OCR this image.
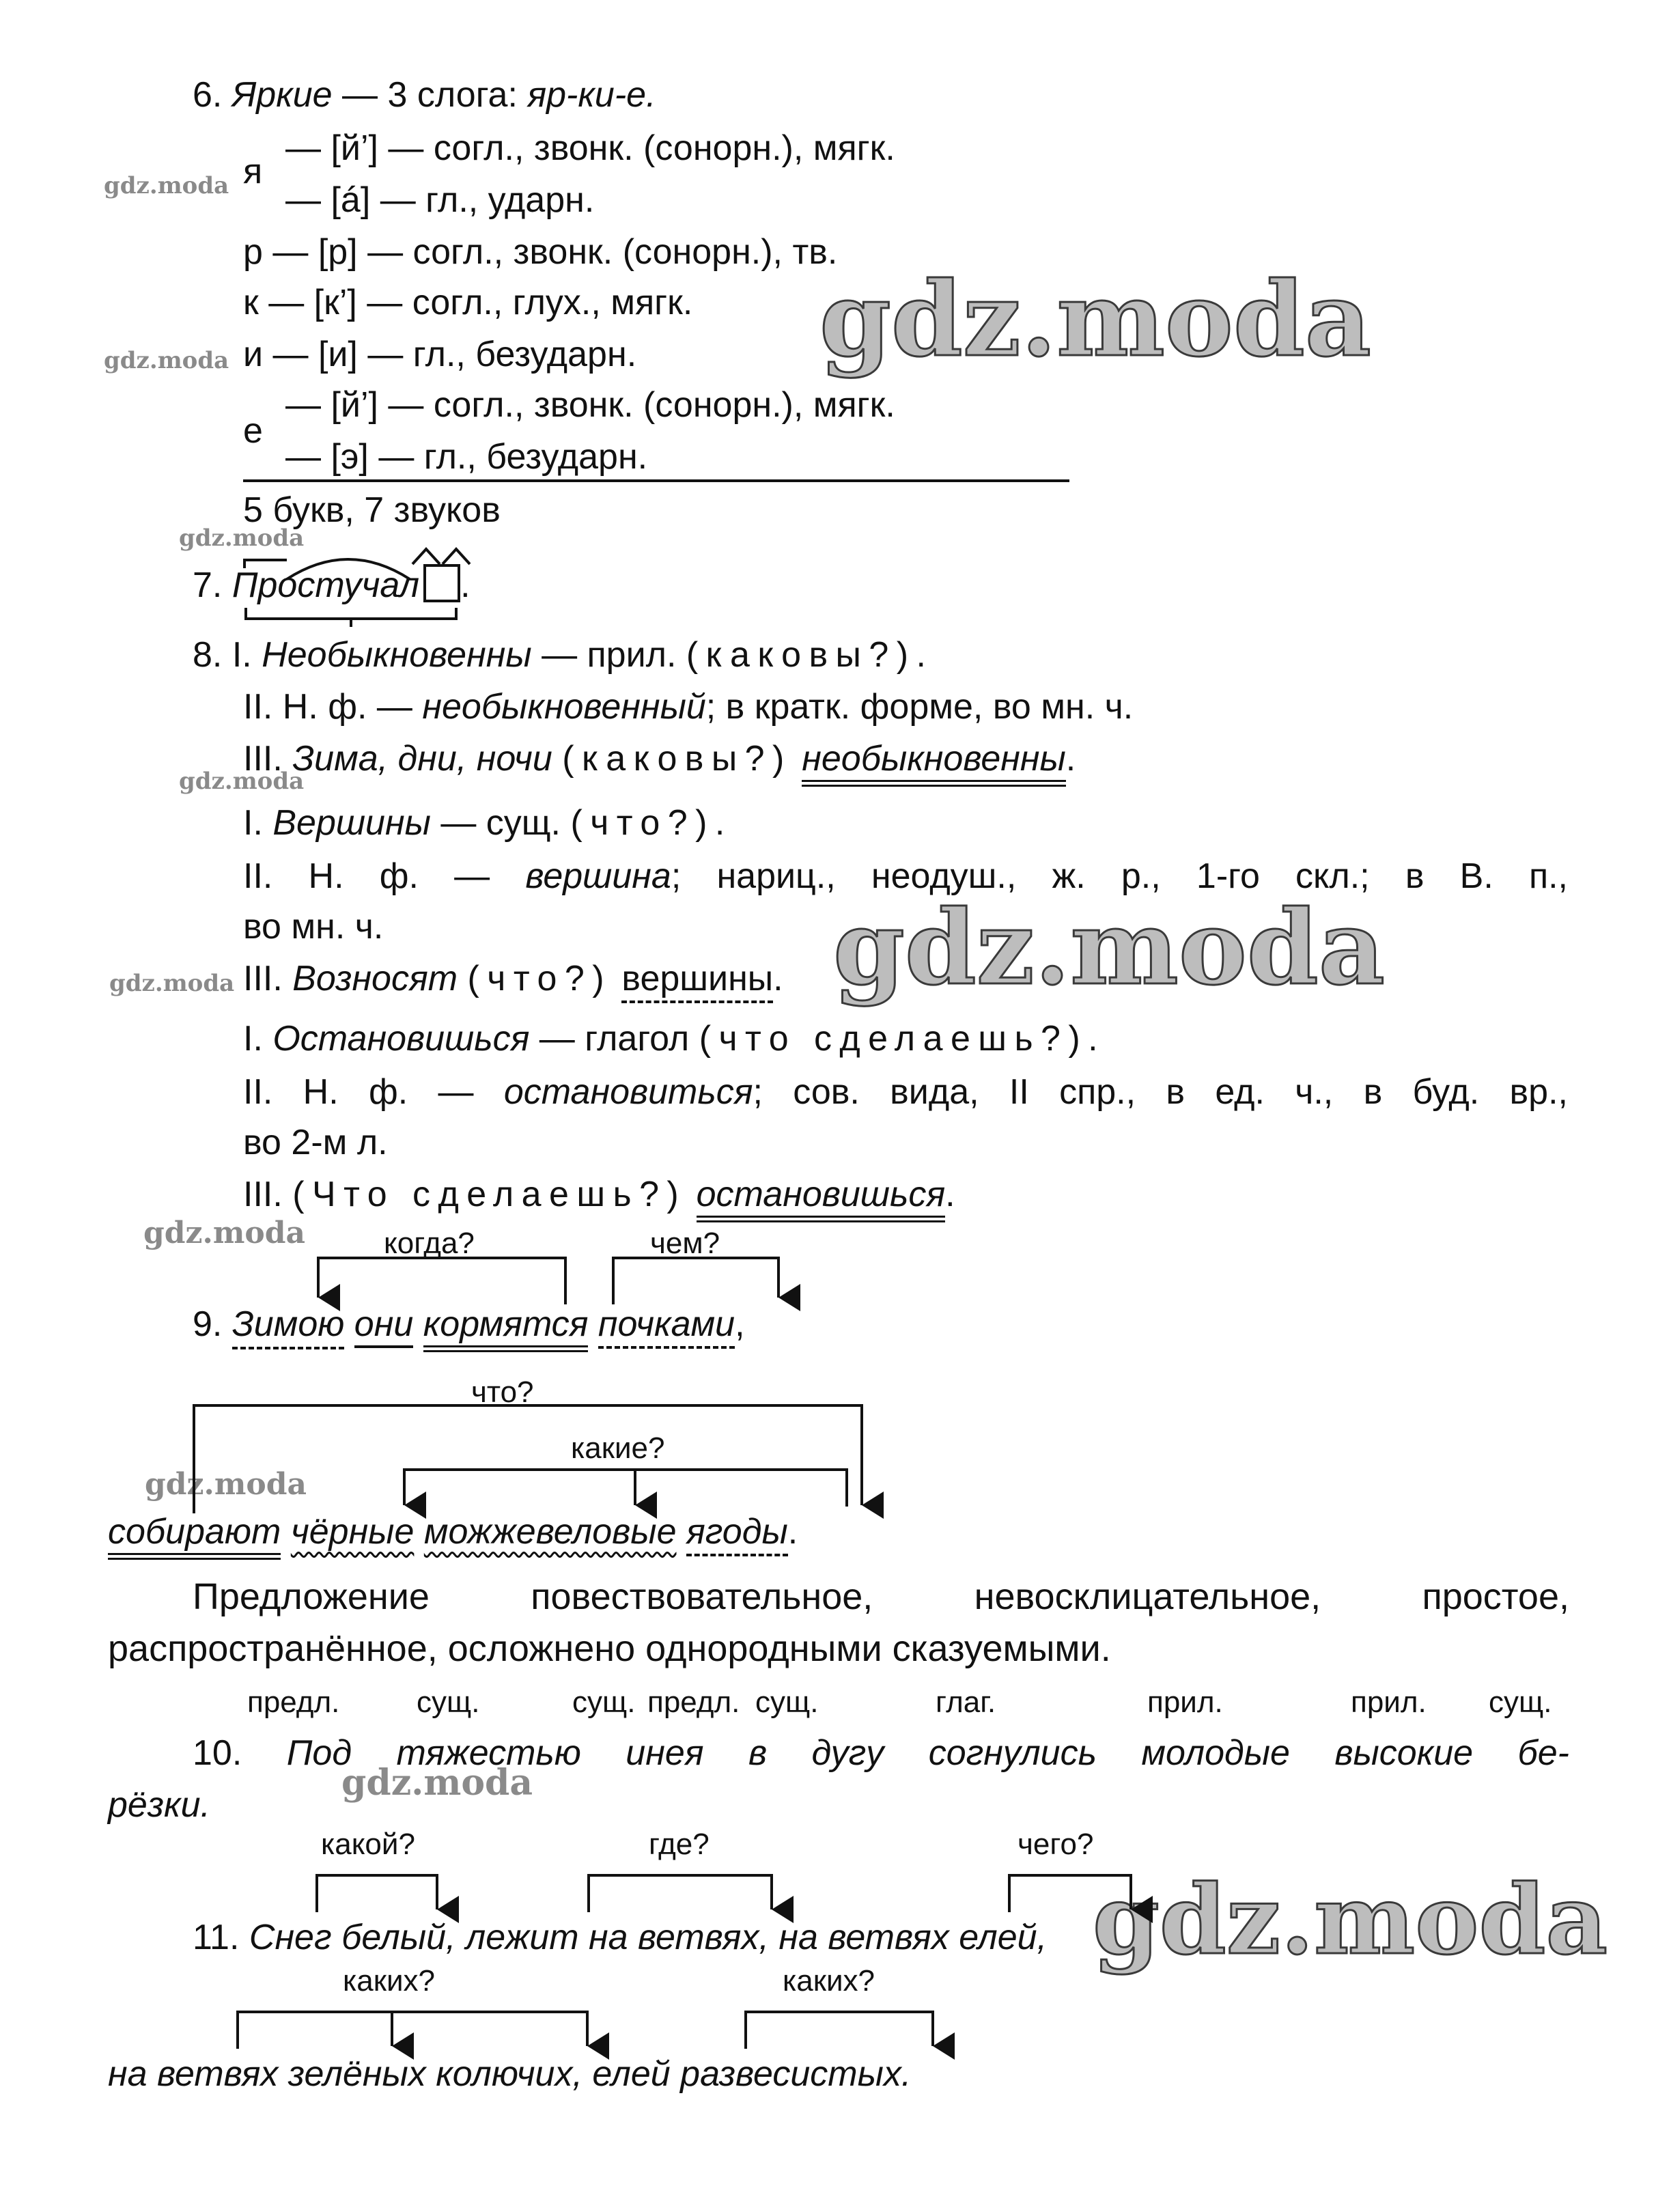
gdz.moda
gdz.moda
gdz.moda
gdz.moda
gdz.moda
gdz.moda
gdz.moda
gdz.moda
gdz.moda
gdz.moda
gdz.moda
6. Яркие — 3 слога: яр-ки-е.
я
— [й’] — согл., звонк. (сонорн.), мягк.
— [á] — гл., ударн.
р — [р] — согл., звонк. (сонорн.), тв.
к — [к’] — согл., глух., мягк.
и — [и] — гл., безударн.
е
— [й’] — согл., звонк. (сонорн.), мягк.
— [э] — гл., безударн.
5 букв, 7 звуков
7. Простучал .
8. I. Необыкновенны — прил. (каковы?).
II. Н. ф. — необыкновенный; в кратк. форме, во мн. ч.
III. Зима, дни, ночи (каковы?) необыкновенны.
I. Вершины — сущ. (что?).
II. Н. ф. — вершина; нариц., неодуш., ж. р., 1-го скл.; в В. п.,
во мн. ч.
III. Возносят (что?) вершины.
I. Остановишься — глагол (что сделаешь?).
II. Н. ф. — остановиться; сов. вида, II спр., в ед. ч., в буд. вр.,
во 2-м л.
III. (Что сделаешь?) остановишься.
когда?	чем?
9. Зимою они кормятся почками,
что?
какие?
собирают чёрные можжевеловые ягоды.
Предложение повествовательное, невосклицательное, простое, распространённое, осложнено однородными сказуемыми.
предл.	сущ.	сущ. предл. сущ.	глаг.	прил.	прил. сущ.
10. Под тяжестью инея в дугу согнулись молодые высокие бе-
рёзки.
какой?	где?	чего?
11. Снег белый, лежит на ветвях, на ветвях елей,
каких?	каких?
на ветвях зелёных колючих, елей развесистых.
